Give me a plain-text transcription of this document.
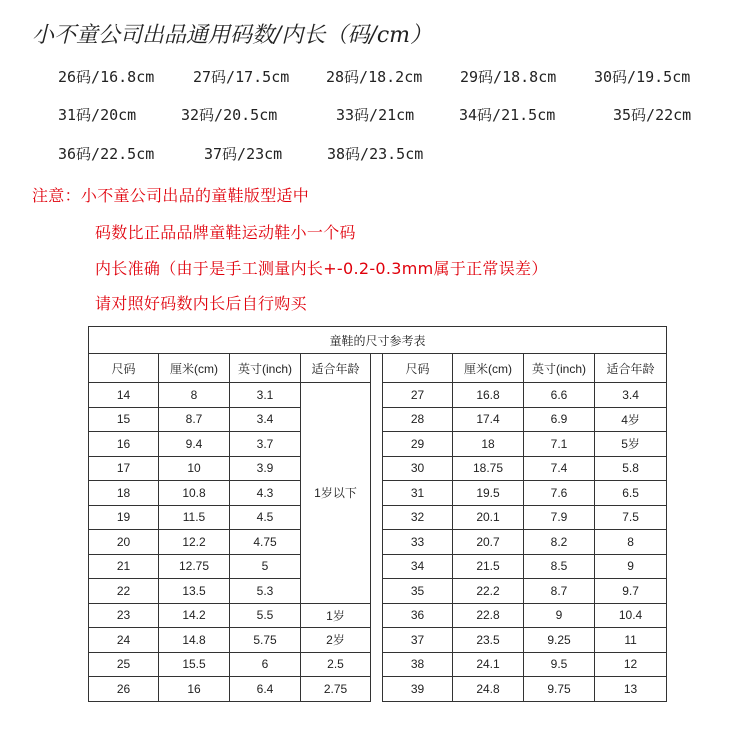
小不童公司出品通用码数/内长（码/cm）
26码/16.8cm	27码/17.5cm 28码/18.2cm	29码/18.8cm	30码/19.5cm
31码/20cm	32码/20.5cm	33码/21cm	34码/21.5cm	35码/22cm
36码/22.5cm	37码/23cm	38码/23.5cm
注意：小不童公司出品的童鞋版型适中
码数比正品品牌童鞋运动鞋小一个码
内长准确（由于是手工测量内长+-0.2-0.3mm属于正常误差）
请对照好码数内长后自行购买
童鞋的尺寸参考表								
尺码	厘米(cm)	英寸(inch)	适合年龄		尺码	厘米(cm)	英寸(inch)	适合年龄
14	8	3.1	1岁以下		27	16.8	6.6	3.4
15	8.7	3.4			28	17.4	6.9	4岁
16	9.4	3.7			29	18	7.1	5岁
17	10	3.9			30	18.75	7.4	5.8
18	10.8	4.3			31	19.5	7.6	6.5
19	11.5	4.5			32	20.1	7.9	7.5
20	12.2	4.75			33	20.7	8.2	8
21	12.75	5			34	21.5	8.5	9
22	13.5	5.3			35	22.2	8.7	9.7
23	14.2	5.5	1岁		36	22.8	9	10.4
24	14.8	5.75	2岁		37	23.5	9.25	11
25	15.5	6	2.5		38	24.1	9.5	12
26	16	6.4	2.75		39	24.8	9.75	13
